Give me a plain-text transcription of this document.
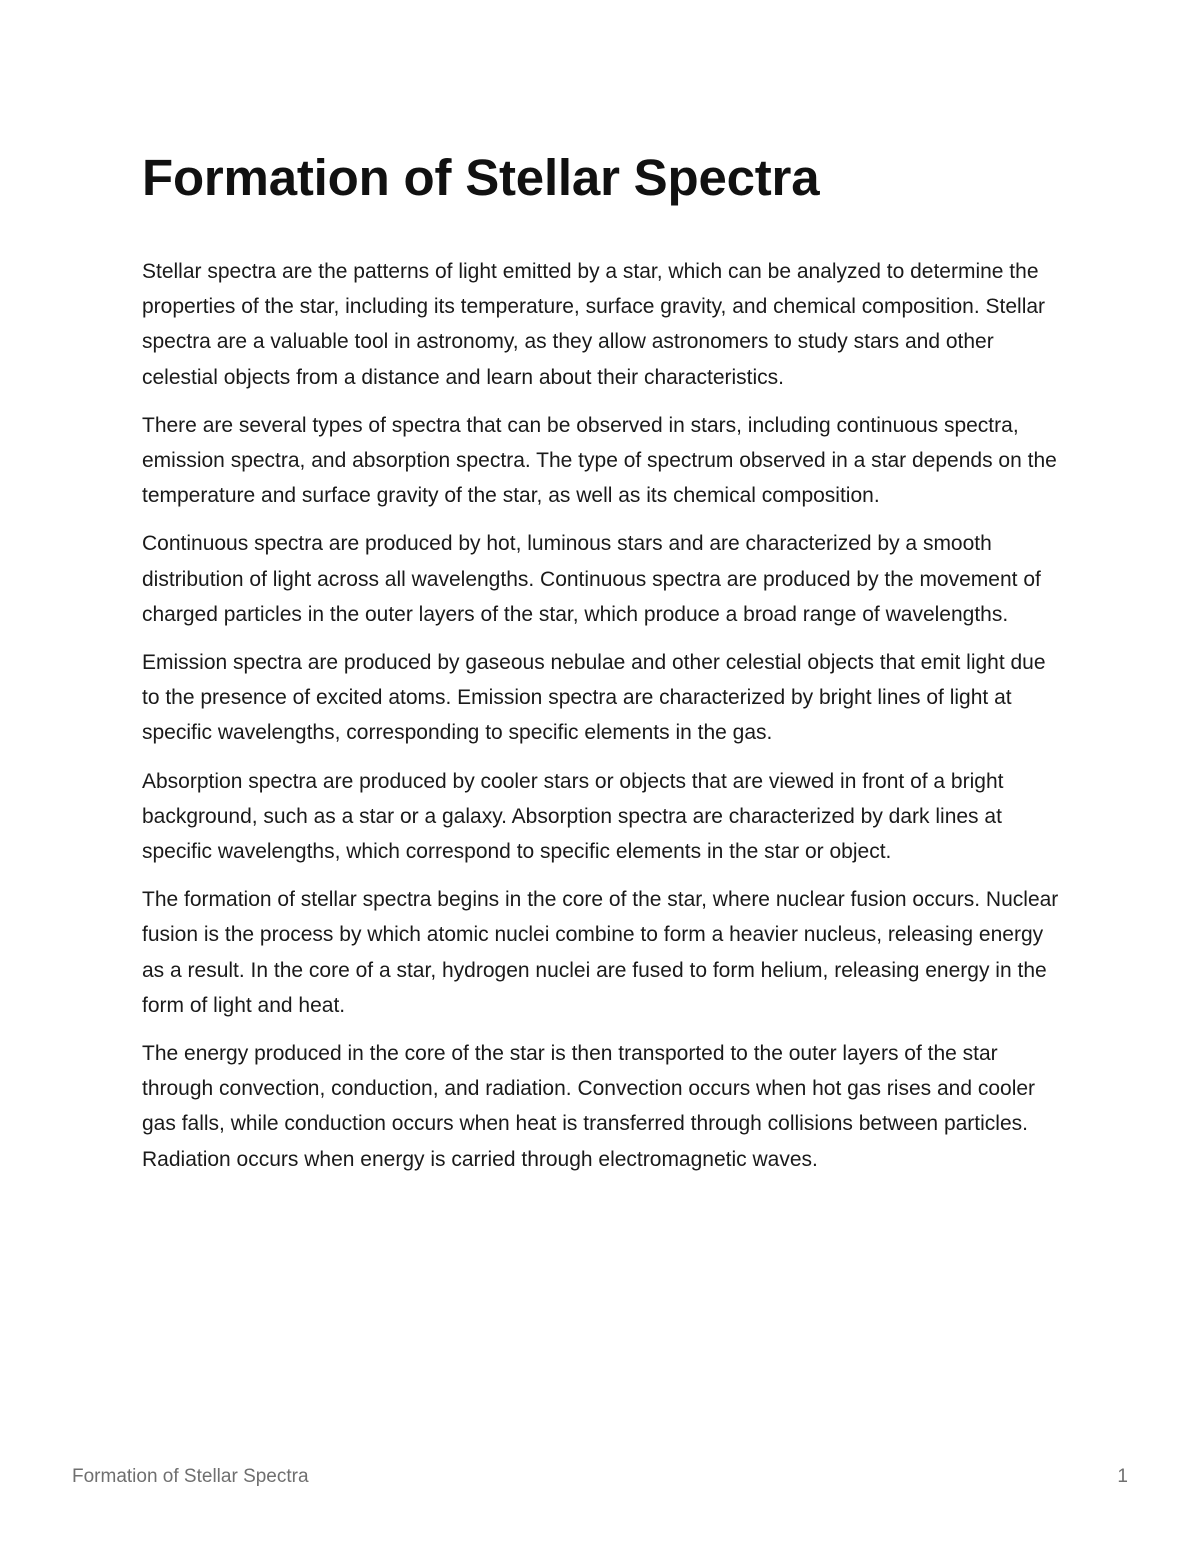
Formation of Stellar Spectra

Stellar spectra are the patterns of light emitted by a star, which can be analyzed to determine the properties of the star, including its temperature, surface gravity, and chemical composition. Stellar spectra are a valuable tool in astronomy, as they allow astronomers to study stars and other celestial objects from a distance and learn about their characteristics.

There are several types of spectra that can be observed in stars, including continuous spectra, emission spectra, and absorption spectra. The type of spectrum observed in a star depends on the temperature and surface gravity of the star, as well as its chemical composition.

Continuous spectra are produced by hot, luminous stars and are characterized by a smooth distribution of light across all wavelengths. Continuous spectra are produced by the movement of charged particles in the outer layers of the star, which produce a broad range of wavelengths.

Emission spectra are produced by gaseous nebulae and other celestial objects that emit light due to the presence of excited atoms. Emission spectra are characterized by bright lines of light at specific wavelengths, corresponding to specific elements in the gas.

Absorption spectra are produced by cooler stars or objects that are viewed in front of a bright background, such as a star or a galaxy. Absorption spectra are characterized by dark lines at specific wavelengths, which correspond to specific elements in the star or object.

The formation of stellar spectra begins in the core of the star, where nuclear fusion occurs. Nuclear fusion is the process by which atomic nuclei combine to form a heavier nucleus, releasing energy as a result. In the core of a star, hydrogen nuclei are fused to form helium, releasing energy in the form of light and heat.

The energy produced in the core of the star is then transported to the outer layers of the star through convection, conduction, and radiation. Convection occurs when hot gas rises and cooler gas falls, while conduction occurs when heat is transferred through collisions between particles. Radiation occurs when energy is carried through electromagnetic waves.

Formation of Stellar Spectra	1
